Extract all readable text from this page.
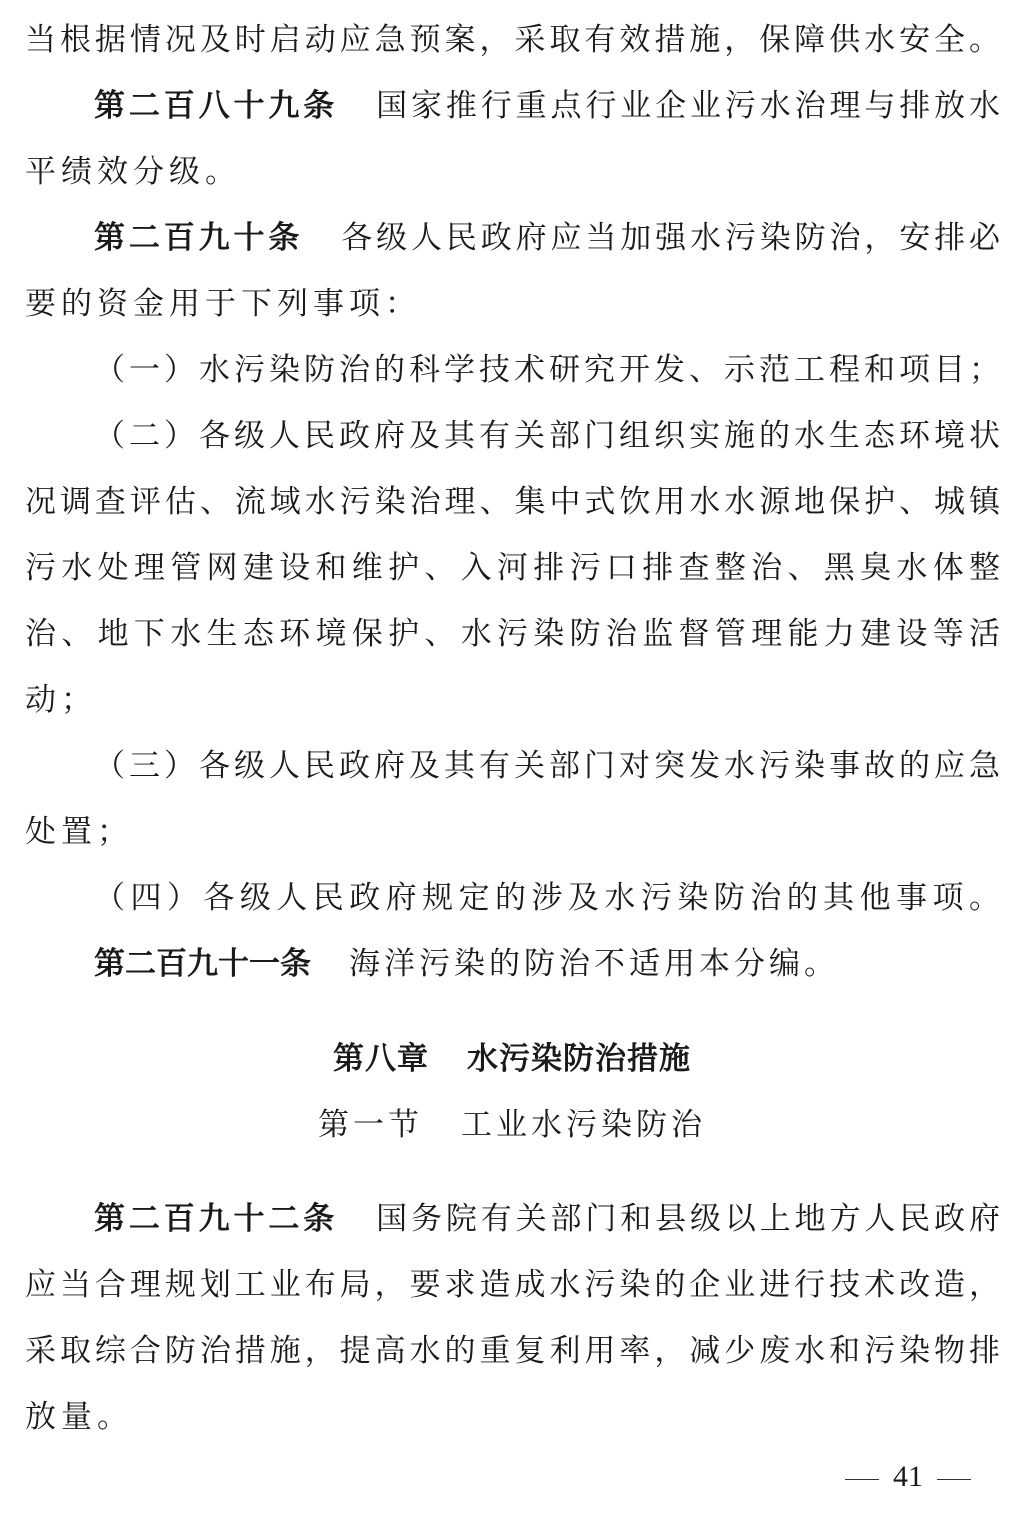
当根据情况及时启动应急预案，采取有效措施，保障供水安全。
第二百八十九条 国家推行重点行业企业污水治理与排放水
平绩效分级。
第二百九十条 各级人民政府应当加强水污染防治，安排必
要的资金用于下列事项：
（一）水污染防治的科学技术研究开发、示范工程和项目；
（二）各级人民政府及其有关部门组织实施的水生态环境状
况调查评估、流域水污染治理、集中式饮用水水源地保护、城镇
污水处理管网建设和维护、入河排污口排查整治、黑臭水体整
治、地下水生态环境保护、水污染防治监督管理能力建设等活
动；
（三）各级人民政府及其有关部门对突发水污染事故的应急
处置；
（四）各级人民政府规定的涉及水污染防治的其他事项。
第二百九十一条 海洋污染的防治不适用本分编。
第八章 水污染防治措施
第一节 工业水污染防治
第二百九十二条 国务院有关部门和县级以上地方人民政府
应当合理规划工业布局，要求造成水污染的企业进行技术改造，
采取综合防治措施，提高水的重复利用率，减少废水和污染物排
放量。
41
